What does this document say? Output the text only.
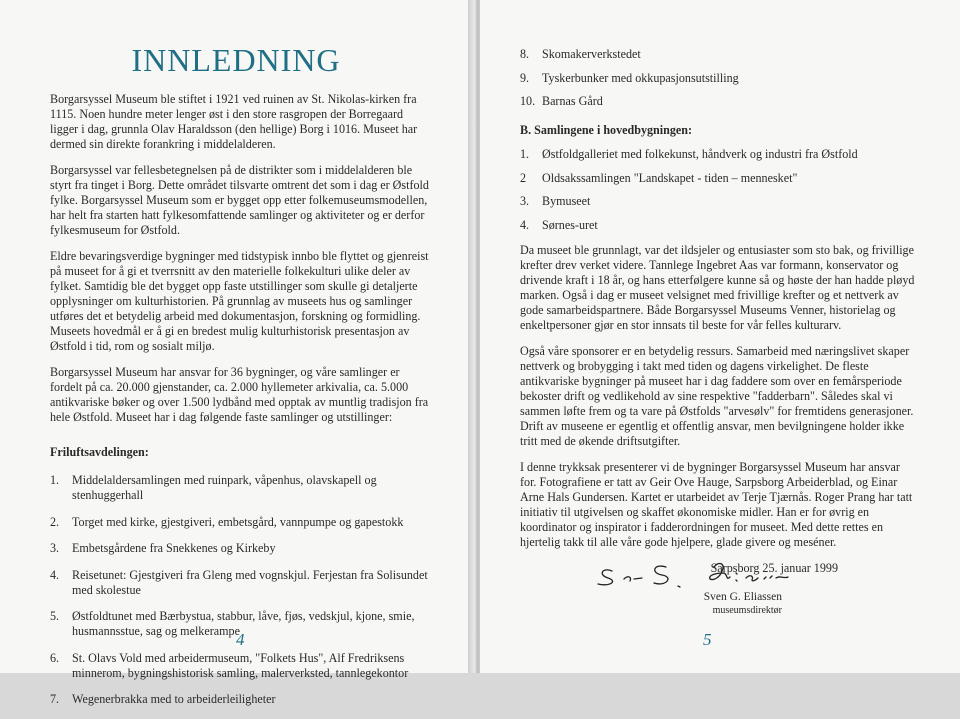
INNLEDNING

Borgarsyssel Museum ble stiftet i 1921 ved ruinen av St. Nikolas-kirken fra 1115. Noen hundre meter lenger øst i den store rasgropen der Borregaard ligger i dag, grunnla Olav Haraldsson (den hellige) Borg i 1016. Museet har dermed sin direkte forankring i middelalderen.

Borgarsyssel var fellesbetegnelsen på de distrikter som i middelalderen ble styrt fra tinget i Borg. Dette området tilsvarte omtrent det som i dag er Østfold fylke. Borgarsyssel Museum som er bygget opp etter folkemuseumsmodellen, har helt fra starten hatt fylkesomfattende samlinger og aktiviteter og er derfor fylkesmuseum for Østfold.

Eldre bevaringsverdige bygninger med tidstypisk innbo ble flyttet og gjenreist på museet for å gi et tverrsnitt av den materielle folkekulturi ulike deler av fylket. Samtidig ble det bygget opp faste utstillinger som skulle gi detaljerte opplysninger om kulturhistorien. På grunnlag av museets hus og samlinger utføres det et betydelig arbeid med dokumentasjon, forskning og formidling. Museets hovedmål er å gi en bredest mulig kulturhistorisk presentasjon av Østfold i tid, rom og sosialt miljø.

Borgarsyssel Museum har ansvar for 36 bygninger, og våre samlinger er fordelt på ca. 20.000 gjenstander, ca. 2.000 hyllemeter arkivalia, ca. 5.000 antikvariske bøker og over 1.500 lydbånd med opptak av muntlig tradisjon fra hele Østfold. Museet har i dag følgende faste samlinger og utstillinger:

Friluftsavdelingen:
1. Middelaldersamlingen med ruinpark, våpenhus, olavskapell og stenhuggerhall
2. Torget med kirke, gjestgiveri, embetsgård, vannpumpe og gapestokk
3. Embetsgårdene fra Snekkenes og Kirkeby
4. Reisetunet: Gjestgiveri fra Gleng med vognskjul. Ferjestan fra Solisundet med skolestue
5. Østfoldtunet med Bærbystua, stabbur, låve, fjøs, vedskjul, kjone, smie, husmannsstue, sag og melkerampe
6. St. Olavs Vold med arbeidermuseum, "Folkets Hus", Alf Fredriksens minnerom, bygningshistorisk samling, malerverksted, tannlegekontor
7. Wegenerbrakka med to arbeiderleiligheter
4
8. Skomakerverkstedet
9. Tyskerbunker med okkupasjonsutstilling
10. Barnas Gård
B. Samlingene i hovedbygningen:
1. Østfoldgalleriet med folkekunst, håndverk og industri fra Østfold
2 Oldsakssamlingen "Landskapet - tiden – mennesket"
3. Bymuseet
4. Sørnes-uret

Da museet ble grunnlagt, var det ildsjeler og entusiaster som sto bak, og frivillige krefter drev verket videre. Tannlege Ingebret Aas var formann, konservator og drivende kraft i 18 år, og hans etterfølgere kunne så og høste der han hadde pløyd marken. Også i dag er museet velsignet med frivillige krefter og et nettverk av gode samarbeidspartnere. Både Borgarsyssel Museums Venner, historielag og enkeltpersoner gjør en stor innsats til beste for vår felles kulturarv.

Også våre sponsorer er en betydelig ressurs. Samarbeid med næringslivet skaper nettverk og brobygging i takt med tiden og dagens virkelighet. De fleste antikvariske bygninger på museet har i dag faddere som over en femårsperiode bekoster drift og vedlikehold av sine respektive "fadderbarn". Således skal vi sammen løfte frem og ta vare på Østfolds "arvesølv" for fremtidens generasjoner. Drift av museene er egentlig et offentlig ansvar, men bevilgningene holder ikke tritt med de økende driftsutgifter.

I denne trykksak presenterer vi de bygninger Borgarsyssel Museum har ansvar for. Fotografiene er tatt av Geir Ove Hauge, Sarpsborg Arbeiderblad, og Einar Arne Hals Gundersen. Kartet er utarbeidet av Terje Tjærnås. Roger Prang har tatt initiativ til utgivelsen og skaffet økonomiske midler. Han er for øvrig en koordinator og inspirator i fadderordningen for museet. Med dette rettes en hjertelig takk til alle våre gode hjelpere, glade givere og meséner.

Sarpsborg 25. januar 1999
Sven G. Eliassen
museumsdirektør
5
